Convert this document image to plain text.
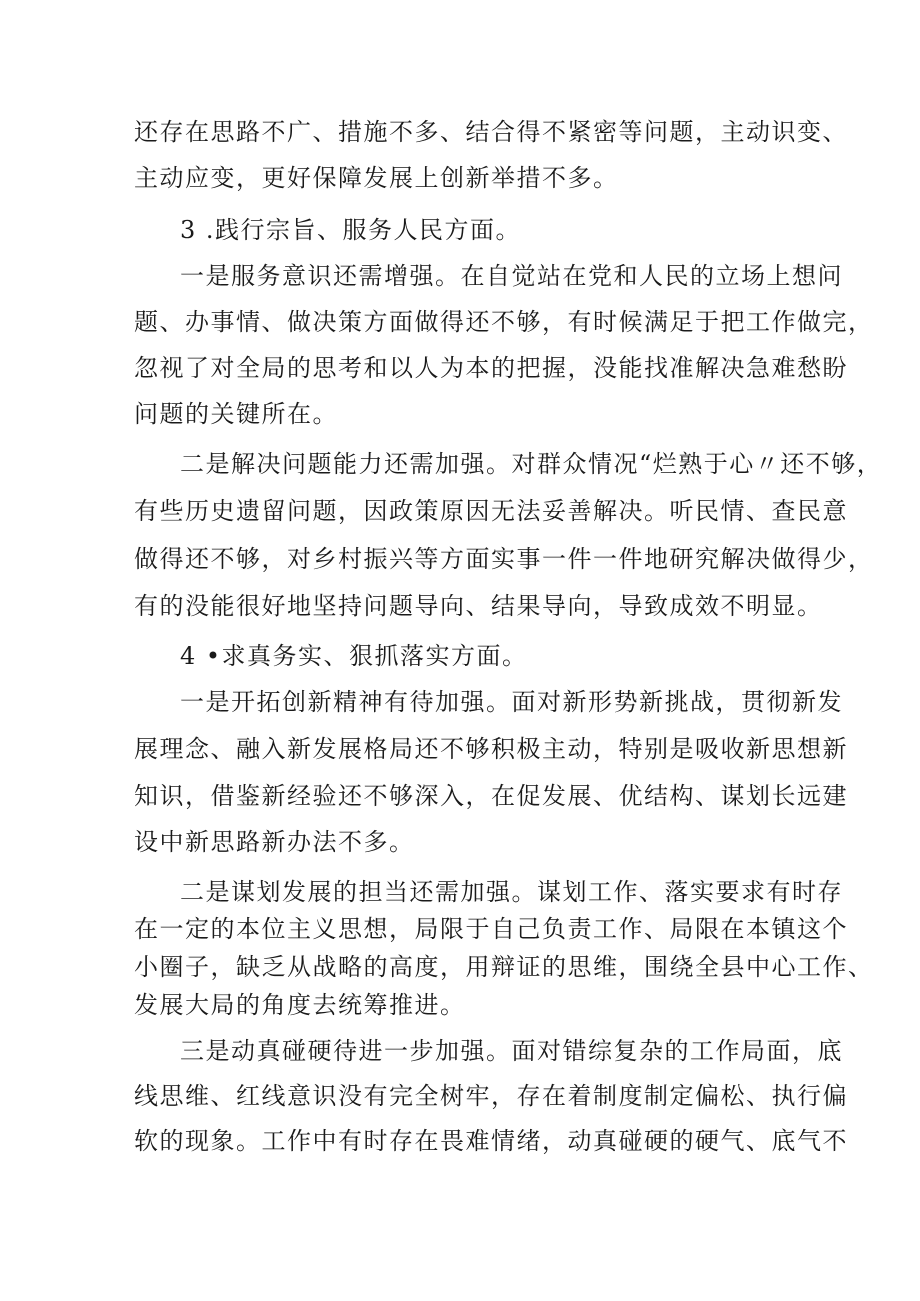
还存在思路不广、措施不多、结合得不紧密等问题，主动识变、

主动应变，更好保障发展上创新举措不多。

3 .践行宗旨、服务人民方面。

一是服务意识还需增强。在自觉站在党和人民的立场上想问

题、办事情、做决策方面做得还不够，有时候满足于把工作做完，

忽视了对全局的思考和以人为本的把握，没能找准解决急难愁盼

问题的关键所在。

二是解决问题能力还需加强。对群众情况“烂熟于心〃还不够，

有些历史遗留问题，因政策原因无法妥善解决。听民情、查民意

做得还不够，对乡村振兴等方面实事一件一件地研究解决做得少，

有的没能很好地坚持问题导向、结果导向，导致成效不明显。

4 •求真务实、狠抓落实方面。

一是开拓创新精神有待加强。面对新形势新挑战，贯彻新发

展理念、融入新发展格局还不够积极主动，特别是吸收新思想新

知识，借鉴新经验还不够深入，在促发展、优结构、谋划长远建

设中新思路新办法不多。

二是谋划发展的担当还需加强。谋划工作、落实要求有时存

在一定的本位主义思想，局限于自己负责工作、局限在本镇这个

小圈子，缺乏从战略的高度，用辩证的思维，围绕全县中心工作、

发展大局的角度去统筹推进。

三是动真碰硬待进一步加强。面对错综复杂的工作局面，底

线思维、红线意识没有完全树牢，存在着制度制定偏松、执行偏

软的现象。工作中有时存在畏难情绪，动真碰硬的硬气、底气不
